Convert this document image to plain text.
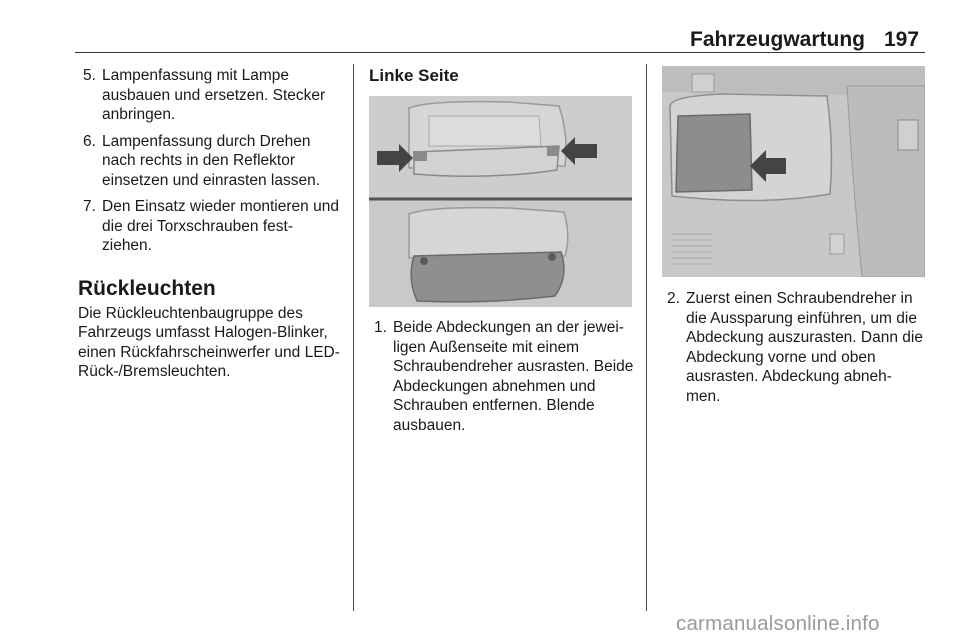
Fahrzeugwartung 197
5. Lampenfassung mit Lampe ausbauen und ersetzen. Stecker anbringen.
6. Lampenfassung durch Drehen nach rechts in den Reflektor einsetzen und einrasten lassen.
7. Den Einsatz wieder montieren und die drei Torxschrauben fest‑ ziehen.
Rückleuchten

Die Rückleuchtenbaugruppe des Fahrzeugs umfasst Halogen-Blinker, einen Rückfahrscheinwerfer und LED-Rück-/Bremsleuchten.

Linke Seite
1. Beide Abdeckungen an der jewei‑ ligen Außenseite mit einem Schraubendreher ausrasten. Beide Abdeckungen abnehmen und Schrauben entfernen. Blende ausbauen.
2. Zuerst einen Schraubendreher in die Aussparung einführen, um die Abdeckung auszurasten. Dann die Abdeckung vorne und oben ausrasten. Abdeckung abneh‑ men.
carmanualsonline.info
